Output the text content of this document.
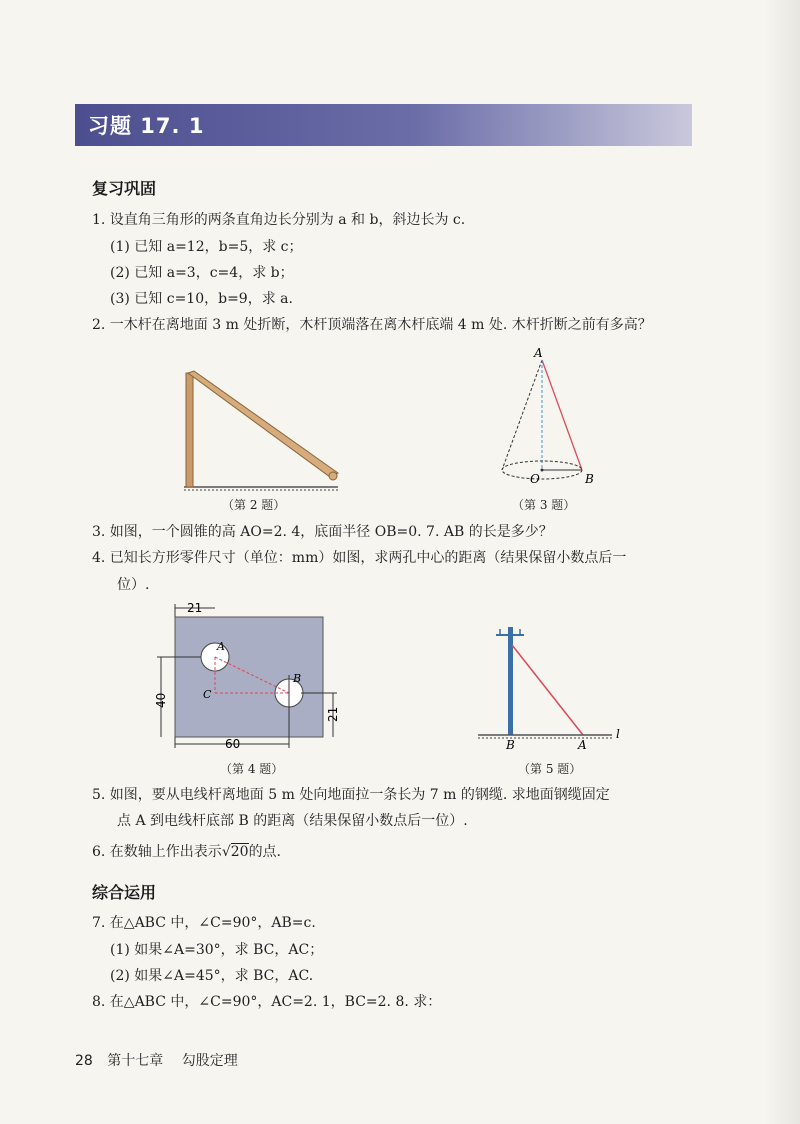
习题 17. 1
复习巩固
1. 设直角三角形的两条直角边长分别为 a 和 b，斜边长为 c.
(1) 已知 a=12，b=5，求 c；
(2) 已知 a=3，c=4，求 b；
(3) 已知 c=10，b=9，求 a.
2. 一木杆在离地面 3 m 处折断，木杆顶端落在离木杆底端 4 m 处. 木杆折断之前有多高？
（第 2 题）
A
O	B
（第 3 题）
3. 如图，一个圆锥的高 AO=2. 4，底面半径 OB=0. 7. AB 的长是多少？
4. 已知长方形零件尺寸（单位：mm）如图，求两孔中心的距离（结果保留小数点后一
位）.
21
40
A
B
C
21
60
（第 4 题）
B	A
l
（第 5 题）
5. 如图，要从电线杆离地面 5 m 处向地面拉一条长为 7 m 的钢缆. 求地面钢缆固定
点 A 到电线杆底部 B 的距离（结果保留小数点后一位）.
6. 在数轴上作出表示√20的点.
综合运用
7. 在△ABC 中，∠C=90°，AB=c.
(1) 如果∠A=30°，求 BC，AC；
(2) 如果∠A=45°，求 BC，AC.
8. 在△ABC 中，∠C=90°，AC=2. 1，BC=2. 8. 求：
28 第十七章 勾股定理
